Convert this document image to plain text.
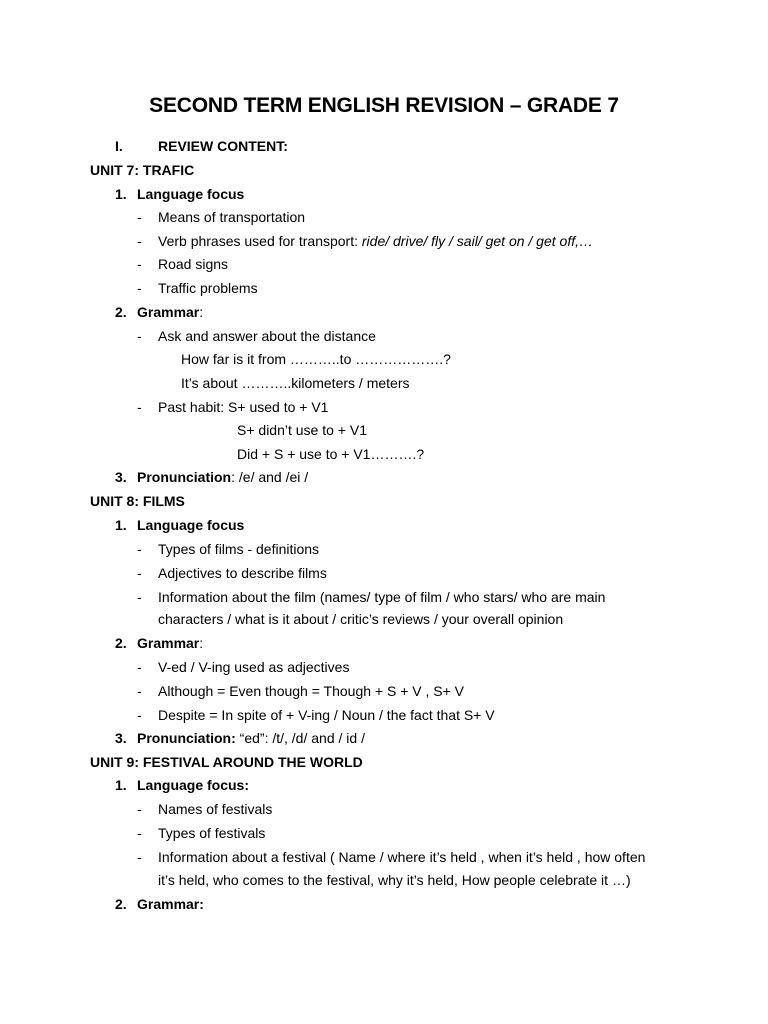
SECOND TERM ENGLISH REVISION – GRADE 7
I.	REVIEW CONTENT:
UNIT 7: TRAFIC
1. Language focus
- Means of transportation
- Verb phrases used for transport: ride/ drive/ fly / sail/ get on / get off,…
- Road signs
- Traffic problems
2. Grammar:
- Ask and answer about the distance
How far is it from ………..to ……………….?
It’s about ………..kilometers / meters
- Past habit: S+ used to + V1
S+ didn’t use to + V1
Did + S + use to + V1……….?
3. Pronunciation: /e/ and /ei /
UNIT 8: FILMS
1. Language focus
- Types of films - definitions
- Adjectives to describe films
- Information about the film (names/ type of film / who stars/ who are main
characters / what is it about / critic’s reviews / your overall opinion
2. Grammar:
- V-ed / V-ing used as adjectives
- Although = Even though = Though + S + V , S+ V
- Despite = In spite of + V-ing / Noun / the fact that S+ V
3. Pronunciation: “ed”: /t/, /d/ and / id /
UNIT 9: FESTIVAL AROUND THE WORLD
1. Language focus:
- Names of festivals
- Types of festivals
- Information about a festival ( Name / where it’s held , when it’s held , how often
it’s held, who comes to the festival, why it’s held, How people celebrate it …)
2. Grammar:
